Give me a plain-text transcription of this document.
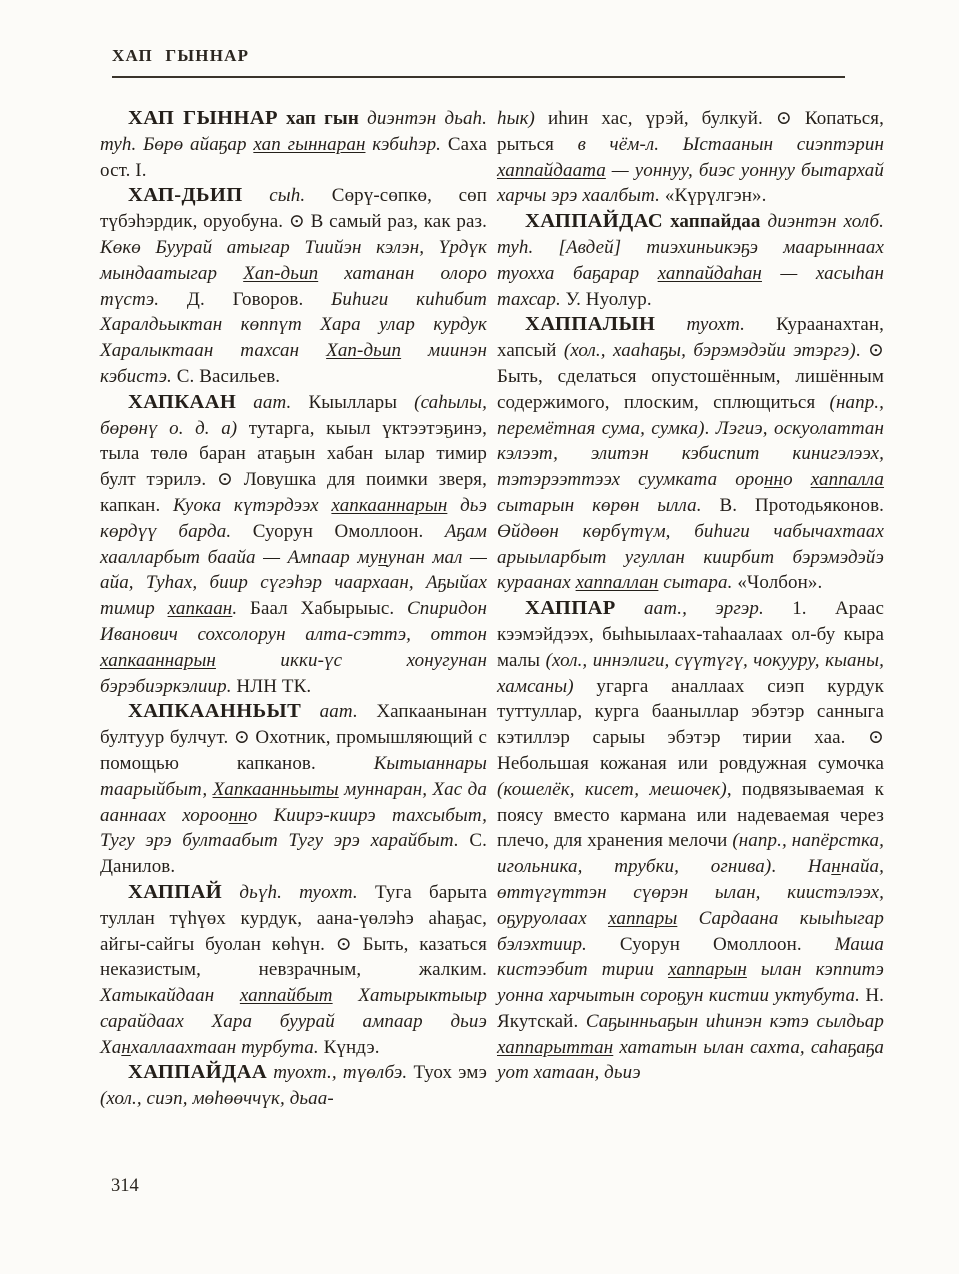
ХАП ГЫННАР

ХАП ГЫННАР хап гын диэнтэн дьаһ. туһ. Бөрө айаҕар хап гыннаран кэбиһэр. Саха ост. I.

ХАП-ДЬИП сыһ. Сөрү-сөпкө, сөп түбэһэрдик, оруобуна. ⊙ В самый раз, как раз. Көкө Буурай атыгар Тиийэн кэлэн, Үрдүк мындаатыгар Хап-дьип хатанан олоро түстэ. Д. Говоров. Биһиги киһибит Харалдьыктан көппүт Хара улар курдук Харалыктаан тахсан Хап-дьип миинэн кэбистэ. С. Васильев.

ХАПКААН аат. Кыыллары (саһылы, бөрөнү о. д. а) тутарга, кыыл үктээтэҕинэ, тыла төлө баран атаҕын хабан ылар тимир булт тэрилэ. ⊙ Ловушка для поимки зверя, капкан. Куока күтэрдээх хапкааннарын дьэ көрдүү барда. Суорун Омоллоон. Аҕам хаалларбыт баайа — Ампаар мунунан мал — айа, Туһах, биир сүгэһэр чаархаан, Аҕыйах тимир хапкаан. Баал Хабырыыс. Спиридон Иванович сохсолорун алта-сэттэ, оттон хапкааннарын икки-үс хонугунан бэрэбиэркэлиир. НЛН ТК.

ХАПКААННЬЫТ аат. Хапкаанынан бултуур булчут. ⊙ Охотник, промышляющий с помощью капканов. Кытыаннары таарыйбыт, Хапкаанньыты муннаран, Хас да ааннаах хороонно Киирэ-киирэ тахсыбыт, Тугу эрэ бултаабыт Тугу эрэ харайбыт. С. Данилов.

ХАППАЙ дьүһ. туохт. Туга барыта туллан түһүөх курдук, аана-үөлэһэ аһаҕас, айгы-сайгы буолан көһүн. ⊙ Быть, казаться неказистым, невзрачным, жалким. Хатыкайдаан хаппайбыт Хатырыктыыр сарайдаах Хара буурай ампаар дьиэ Ханхаллаахтаан турбута. Күндэ.

ХАППАЙДАА туохт., түөлбэ. Туох эмэ (хол., сиэп, мөһөөччүк, дьаа-

һык) иһин хас, үрэй, булкуй. ⊙ Копаться, рыться в чём-л. Ыстаанын сиэптэрин хаппайдаата — уоннуу, биэс уоннуу бытархай харчы эрэ хаалбыт. «Күрүлгэн».

ХАППАЙДАС хаппайдаа диэнтэн холб. туһ. [Авдей] тиэхиньикэҕэ маарыннаах туохха баҕарар хаппайдаһан — хасыһан тахсар. У. Нуолур.

ХАППАЛЫН туохт. Кураанахтан, хапсый (хол., хааһаҕы, бэрэмэдэйи этэргэ). ⊙ Быть, сделаться опустошённым, лишённым содержимого, плоским, сплющиться (напр., перемётная сума, сумка). Лэгиэ, оскуолаттан кэлээт, элитэн кэбиспит кинигэлээх, тэтэрээттээх суумката оронно хаппалла сытарын көрөн ылла. В. Протодьяконов. Өйдөөн көрбүтүм, биһиги чабычахтаах арыыларбыт угуллан киирбит бэрэмэдэйэ кураанах хаппаллан сытара. «Чолбон».

ХАППАР аат., эргэр. 1. Араас кээмэйдээх, быһыылаах-таһаалаах ол-бу кыра малы (хол., иннэлиги, сүүтүгү, чокууру, кыаны, хамсаны) угарга аналлаах сиэп курдук туттуллар, курга бааныллар эбэтэр санныга кэтиллэр сарыы эбэтэр тирии хаа. ⊙ Небольшая кожаная или ровдужная сумочка (кошелёк, кисет, мешочек), подвязываемая к поясу вместо кармана или надеваемая через плечо, для хранения мелочи (напр., напёрстка, игольника, трубки, огнива). Наннайа, өттүгүттэн сүөрэн ылан, киистэлээх, оҕуруолаах хаппары Сардаана кыыһыгар бэлэхтиир. Суорун Омоллоон. Маша кистээбит тирии хаппарын ылан кэппитэ уонна харчытын сороҕун кистии уктубута. Н. Якутскай. Саҕынньаҕын иһинэн кэтэ сылдьар хаппарыттан хататын ылан сахта, саһаҕаҕа уот хатаан, дьиэ

314
